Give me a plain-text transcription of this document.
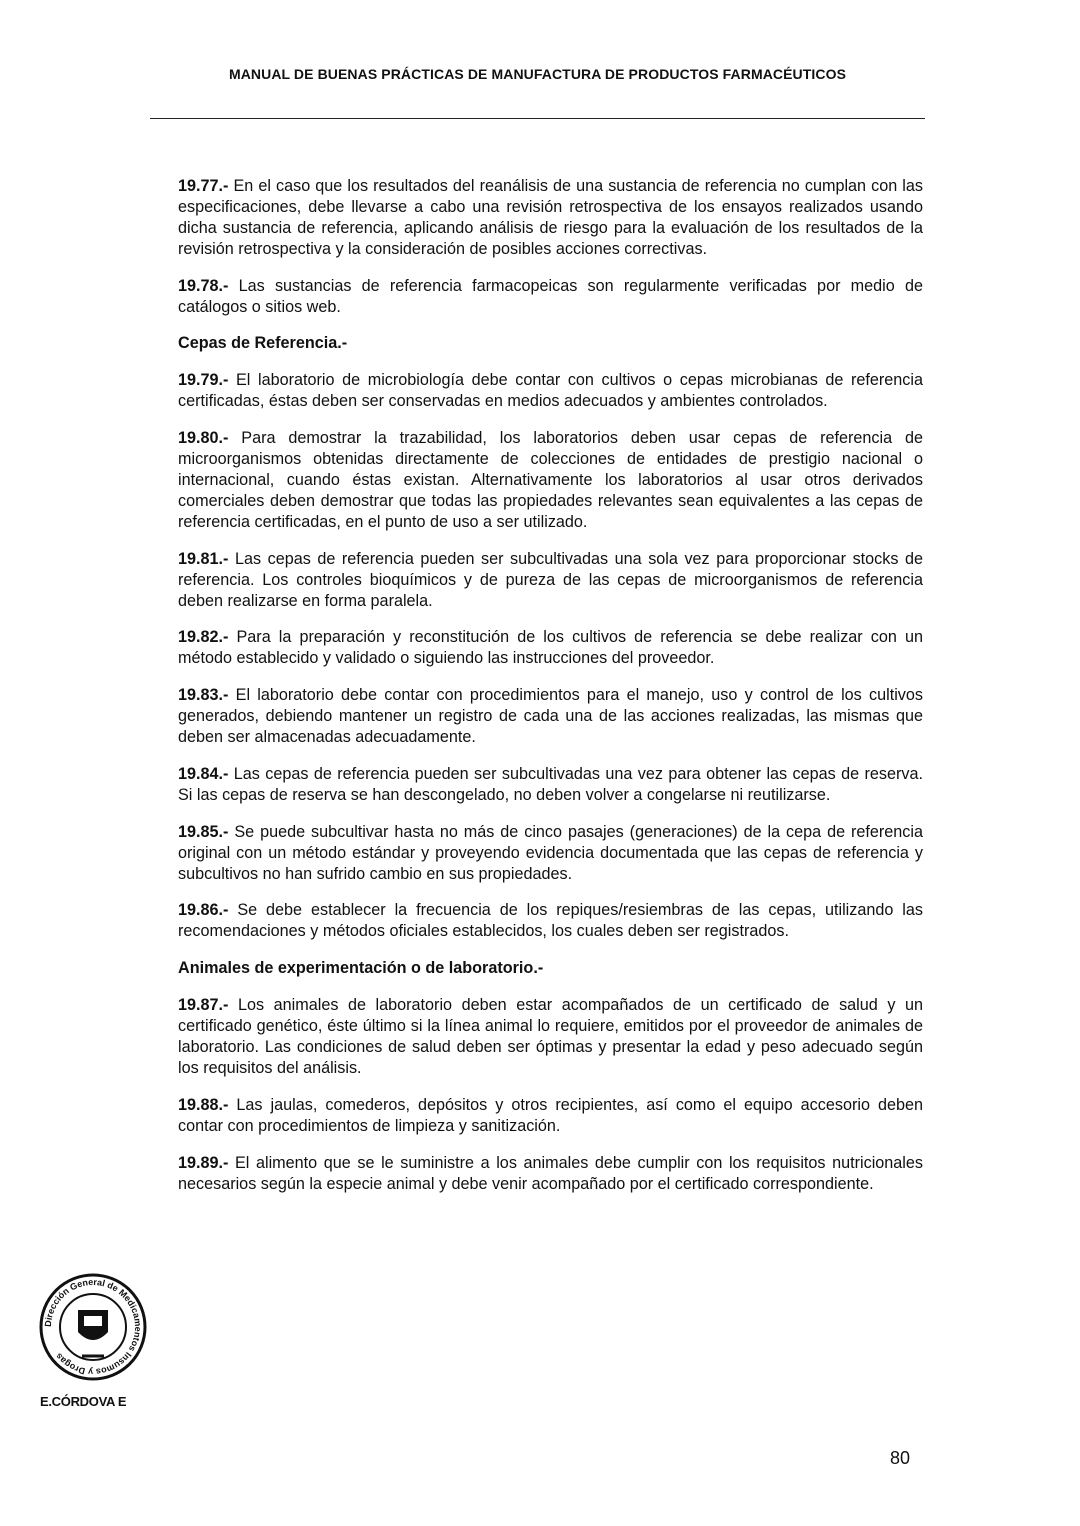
MANUAL DE BUENAS PRÁCTICAS DE MANUFACTURA DE PRODUCTOS FARMACÉUTICOS

19.77.- En el caso que los resultados del reanálisis de una sustancia de referencia no cumplan con las especificaciones, debe llevarse a cabo una revisión retrospectiva de los ensayos realizados usando dicha sustancia de referencia, aplicando análisis de riesgo para la evaluación de los resultados de la revisión retrospectiva y la consideración de posibles acciones correctivas.

19.78.- Las sustancias de referencia farmacopeicas son regularmente verificadas por medio de catálogos o sitios web.

Cepas de Referencia.-

19.79.- El laboratorio de microbiología debe contar con cultivos o cepas microbianas de referencia certificadas, éstas deben ser conservadas en medios adecuados y ambientes controlados.

19.80.- Para demostrar la trazabilidad, los laboratorios deben usar cepas de referencia de microorganismos obtenidas directamente de colecciones de entidades de prestigio nacional o internacional, cuando éstas existan. Alternativamente los laboratorios al usar otros derivados comerciales deben demostrar que todas las propiedades relevantes sean equivalentes a las cepas de referencia certificadas, en el punto de uso a ser utilizado.

19.81.- Las cepas de referencia pueden ser subcultivadas una sola vez para proporcionar stocks de referencia. Los controles bioquímicos y de pureza de las cepas de microorganismos de referencia deben realizarse en forma paralela.

19.82.- Para la preparación y reconstitución de los cultivos de referencia se debe realizar con un método establecido y validado o siguiendo las instrucciones del proveedor.

19.83.- El laboratorio debe contar con procedimientos para el manejo, uso y control de los cultivos generados, debiendo mantener un registro de cada una de las acciones realizadas, las mismas que deben ser almacenadas adecuadamente.

19.84.- Las cepas de referencia pueden ser subcultivadas una vez para obtener las cepas de reserva. Si las cepas de reserva se han descongelado, no deben volver a congelarse ni reutilizarse.

19.85.- Se puede subcultivar hasta no más de cinco pasajes (generaciones) de la cepa de referencia original con un método estándar y proveyendo evidencia documentada que las cepas de referencia y subcultivos no han sufrido cambio en sus propiedades.

19.86.- Se debe establecer la frecuencia de los repiques/resiembras de las cepas, utilizando las recomendaciones y métodos oficiales establecidos, los cuales deben ser registrados.

Animales de experimentación o de laboratorio.-

19.87.- Los animales de laboratorio deben estar acompañados de un certificado de salud y un certificado genético, éste último si la línea animal lo requiere, emitidos por el proveedor de animales de laboratorio. Las condiciones de salud deben ser óptimas y presentar la edad y peso adecuado según los requisitos del análisis.

19.88.- Las jaulas, comederos, depósitos y otros recipientes, así como el equipo accesorio deben contar con procedimientos de limpieza y sanitización.

19.89.- El alimento que se le suministre a los animales debe cumplir con los requisitos nutricionales necesarios según la especie animal y debe venir acompañado por el certificado correspondiente.

Dirección General de Medicamentos Insumos y Drogas
E.CÓRDOVA E
80
